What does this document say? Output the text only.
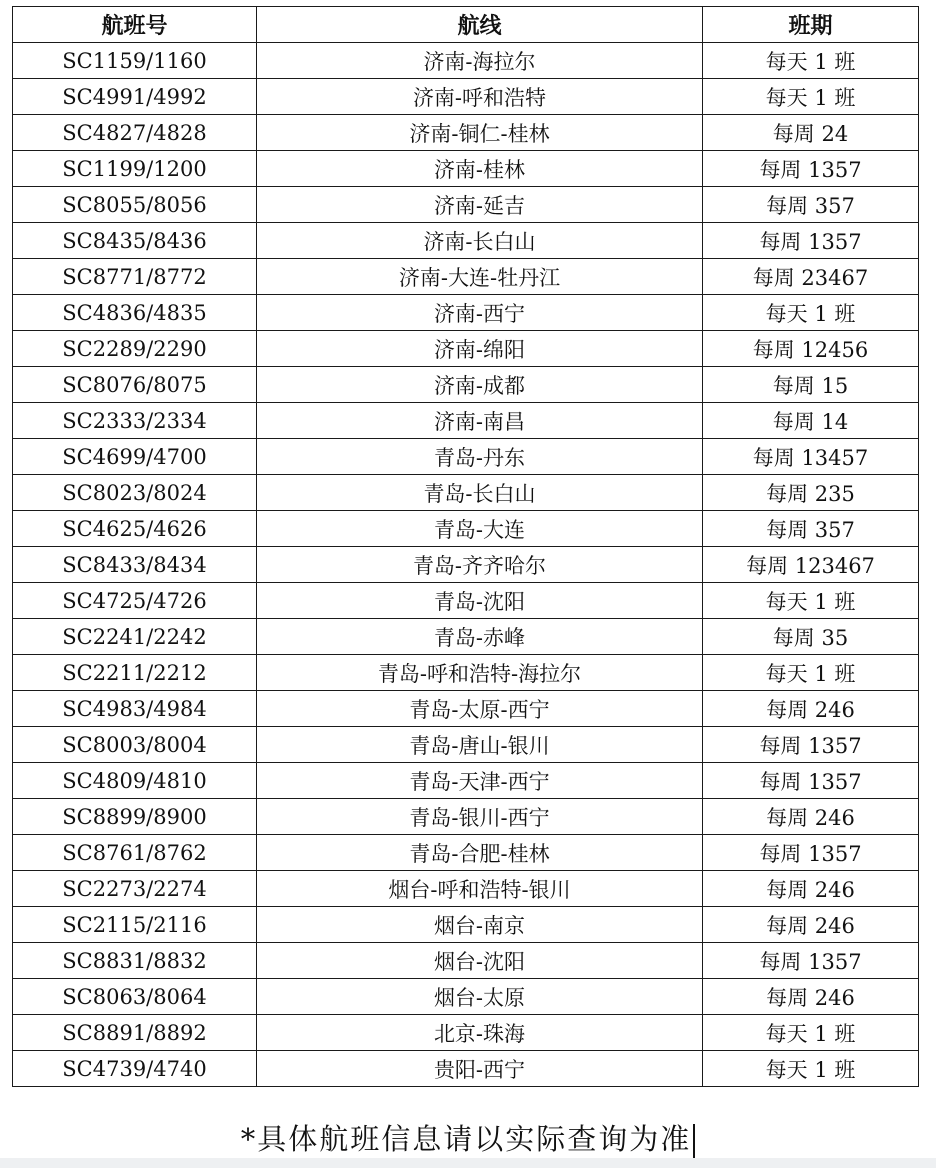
航班号	航线	班期
SC1159/1160	济南-海拉尔	每天 1 班
SC4991/4992	济南-呼和浩特	每天 1 班
SC4827/4828	济南-铜仁-桂林	每周 24
SC1199/1200	济南-桂林	每周 1357
SC8055/8056	济南-延吉	每周 357
SC8435/8436	济南-长白山	每周 1357
SC8771/8772	济南-大连-牡丹江	每周 23467
SC4836/4835	济南-西宁	每天 1 班
SC2289/2290	济南-绵阳	每周 12456
SC8076/8075	济南-成都	每周 15
SC2333/2334	济南-南昌	每周 14
SC4699/4700	青岛-丹东	每周 13457
SC8023/8024	青岛-长白山	每周 235
SC4625/4626	青岛-大连	每周 357
SC8433/8434	青岛-齐齐哈尔	每周 123467
SC4725/4726	青岛-沈阳	每天 1 班
SC2241/2242	青岛-赤峰	每周 35
SC2211/2212	青岛-呼和浩特-海拉尔	每天 1 班
SC4983/4984	青岛-太原-西宁	每周 246
SC8003/8004	青岛-唐山-银川	每周 1357
SC4809/4810	青岛-天津-西宁	每周 1357
SC8899/8900	青岛-银川-西宁	每周 246
SC8761/8762	青岛-合肥-桂林	每周 1357
SC2273/2274	烟台-呼和浩特-银川	每周 246
SC2115/2116	烟台-南京	每周 246
SC8831/8832	烟台-沈阳	每周 1357
SC8063/8064	烟台-太原	每周 246
SC8891/8892	北京-珠海	每天 1 班
SC4739/4740	贵阳-西宁	每天 1 班
*具体航班信息请以实际查询为准
